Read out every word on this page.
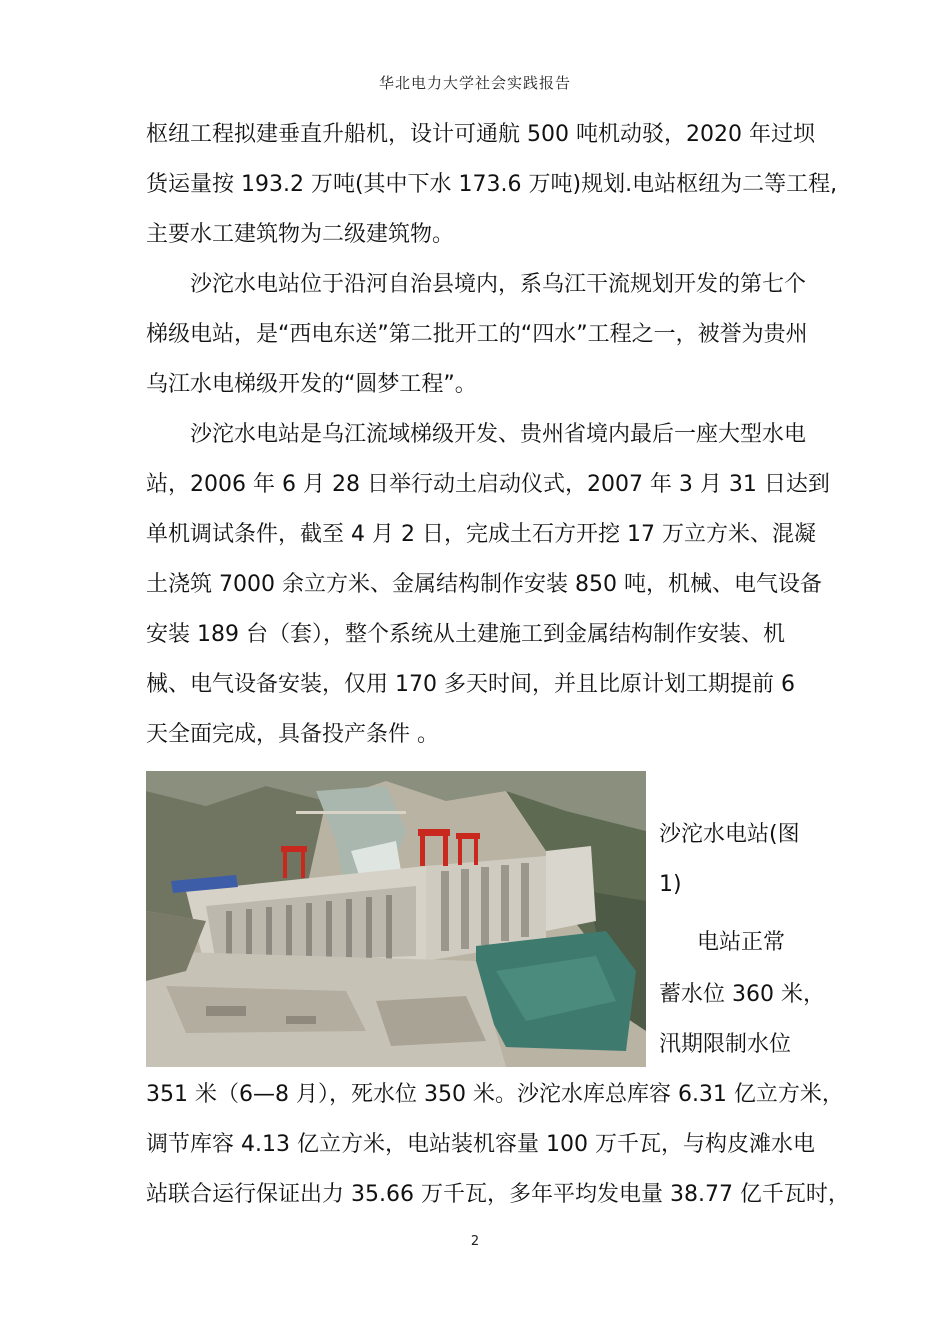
华北电力大学社会实践报告
枢纽工程拟建垂直升船机，设计可通航 500 吨机动驳，2020 年过坝
货运量按 193.2 万吨(其中下水 173.6 万吨)规划.电站枢纽为二等工程,
主要水工建筑物为二级建筑物。
沙沱水电站位于沿河自治县境内，系乌江干流规划开发的第七个
梯级电站，是“西电东送”第二批开工的“四水”工程之一，被誉为贵州
乌江水电梯级开发的“圆梦工程”。
沙沱水电站是乌江流域梯级开发、贵州省境内最后一座大型水电
站，2006 年 6 月 28 日举行动土启动仪式，2007 年 3 月 31 日达到
单机调试条件，截至 4 月 2 日，完成土石方开挖 17 万立方米、混凝
土浇筑 7000 余立方米、金属结构制作安装 850 吨，机械、电气设备
安装 189 台（套），整个系统从土建施工到金属结构制作安装、机
械、电气设备安装，仅用 170 多天时间，并且比原计划工期提前 6
天全面完成，具备投产条件 。
沙沱水电站(图
1)
电站正常
蓄水位 360 米，
汛期限制水位
351 米（6—8 月），死水位 350 米。沙沱水库总库容 6.31 亿立方米，
调节库容 4.13 亿立方米，电站装机容量 100 万千瓦，与构皮滩水电
站联合运行保证出力 35.66 万千瓦，多年平均发电量 38.77 亿千瓦时，
2
